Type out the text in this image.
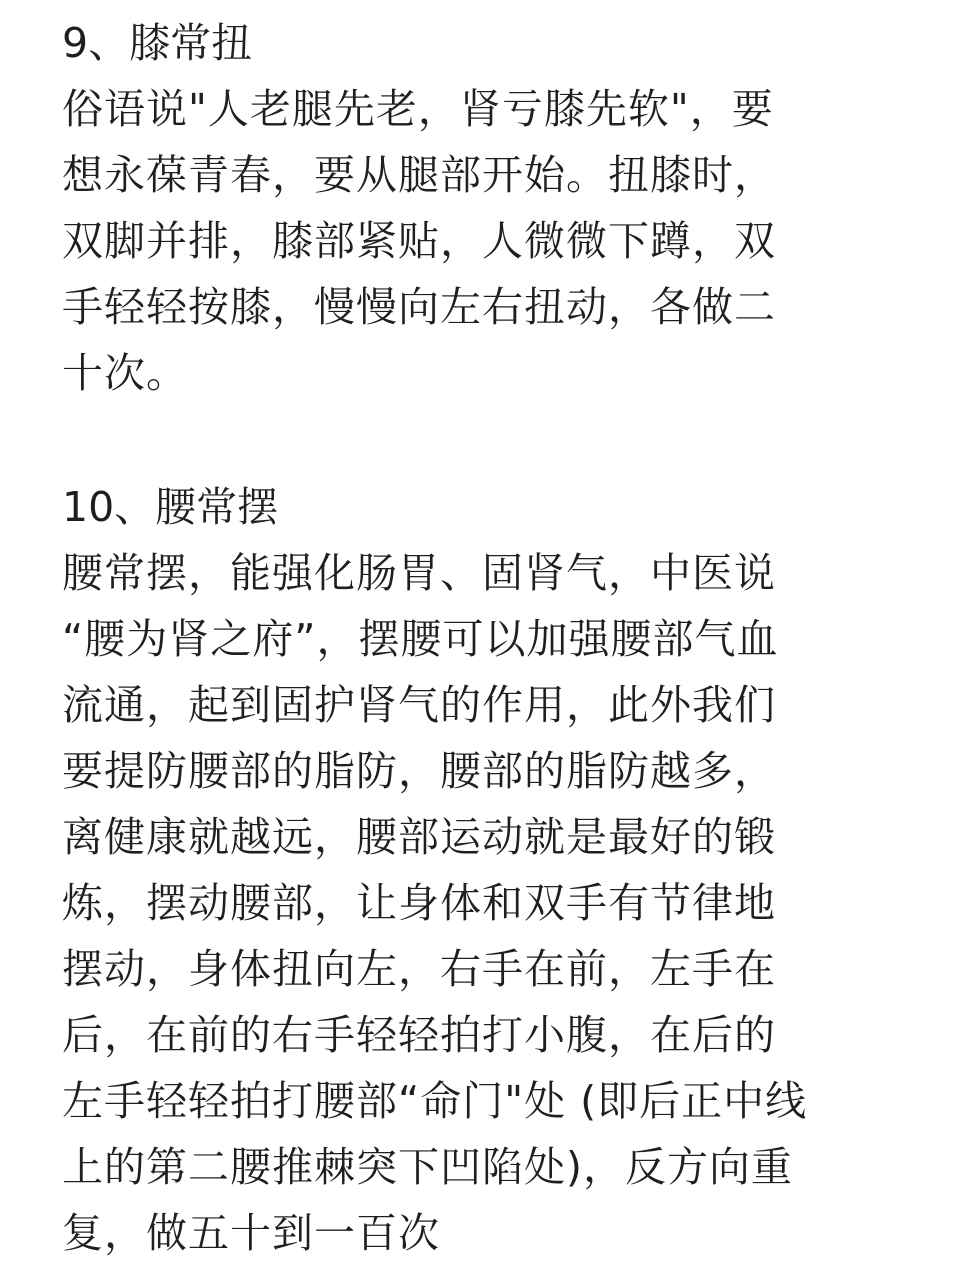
9、膝常扭
俗语说"人老腿先老，肾亏膝先软"，要
想永葆青春，要从腿部开始。扭膝时，
双脚并排，膝部紧贴，人微微下蹲，双
手轻轻按膝，慢慢向左右扭动，各做二
十次。
10、腰常摆
腰常摆，能强化肠胃、固肾气，中医说
“腰为肾之府”，摆腰可以加强腰部气血
流通，起到固护肾气的作用，此外我们
要提防腰部的脂防，腰部的脂防越多，
离健康就越远，腰部运动就是最好的锻
炼，摆动腰部，让身体和双手有节律地
摆动，身体扭向左，右手在前，左手在
后，在前的右手轻轻拍打小腹，在后的
左手轻轻拍打腰部“命门"处 (即后正中线
上的第二腰推棘突下凹陷处)，反方向重
复，做五十到一百次
